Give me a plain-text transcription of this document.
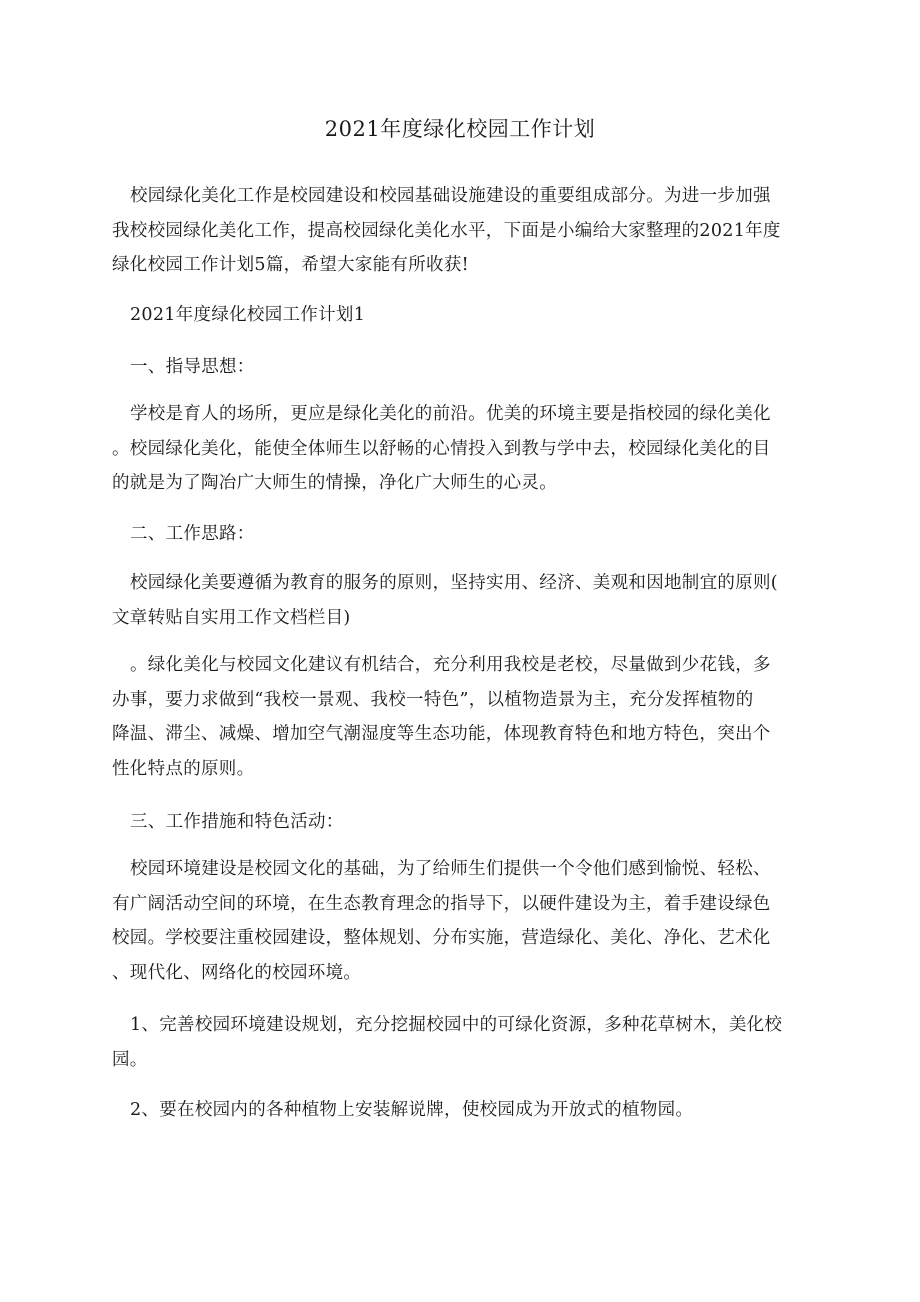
2021年度绿化校园工作计划

校园绿化美化工作是校园建设和校园基础设施建设的重要组成部分。为进一步加强
我校校园绿化美化工作，提高校园绿化美化水平，下面是小编给大家整理的2021年度
绿化校园工作计划5篇，希望大家能有所收获!

2021年度绿化校园工作计划1

一、指导思想：

学校是育人的场所，更应是绿化美化的前沿。优美的环境主要是指校园的绿化美化
。校园绿化美化，能使全体师生以舒畅的心情投入到教与学中去，校园绿化美化的目
的就是为了陶冶广大师生的情操，净化广大师生的心灵。

二、工作思路：

校园绿化美要遵循为教育的服务的原则，坚持实用、经济、美观和因地制宜的原则(
文章转贴自实用工作文档栏目)

。绿化美化与校园文化建议有机结合，充分利用我校是老校，尽量做到少花钱，多
办事，要力求做到“我校一景观、我校一特色”，以植物造景为主，充分发挥植物的
降温、滞尘、减燥、增加空气潮湿度等生态功能，体现教育特色和地方特色，突出个
性化特点的原则。

三、工作措施和特色活动：

校园环境建设是校园文化的基础，为了给师生们提供一个令他们感到愉悦、轻松、
有广阔活动空间的环境，在生态教育理念的指导下，以硬件建设为主，着手建设绿色
校园。学校要注重校园建设，整体规划、分布实施，营造绿化、美化、净化、艺术化
、现代化、网络化的校园环境。

1、完善校园环境建设规划，充分挖掘校园中的可绿化资源，多种花草树木，美化校
园。

2、要在校园内的各种植物上安装解说牌，使校园成为开放式的植物园。
